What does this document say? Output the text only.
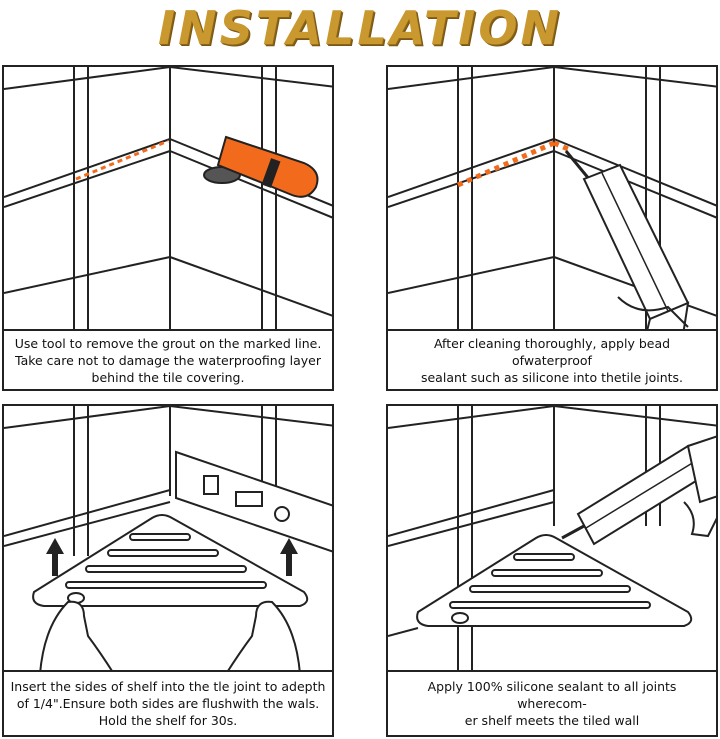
INSTALLATION
Use tool to remove the grout on the marked line.
Take care not to damage the waterproofing layer
behind the tile covering.
After cleaning thoroughly, apply bead ofwaterproof
sealant such as silicone into thetile joints.
Insert the sides of shelf into the tle joint to adepth
of 1/4".Ensure both sides are flushwith the wals.
Hold the shelf for 30s.
Apply 100% silicone sealant to all joints wherecom-
er shelf meets the tiled wall
